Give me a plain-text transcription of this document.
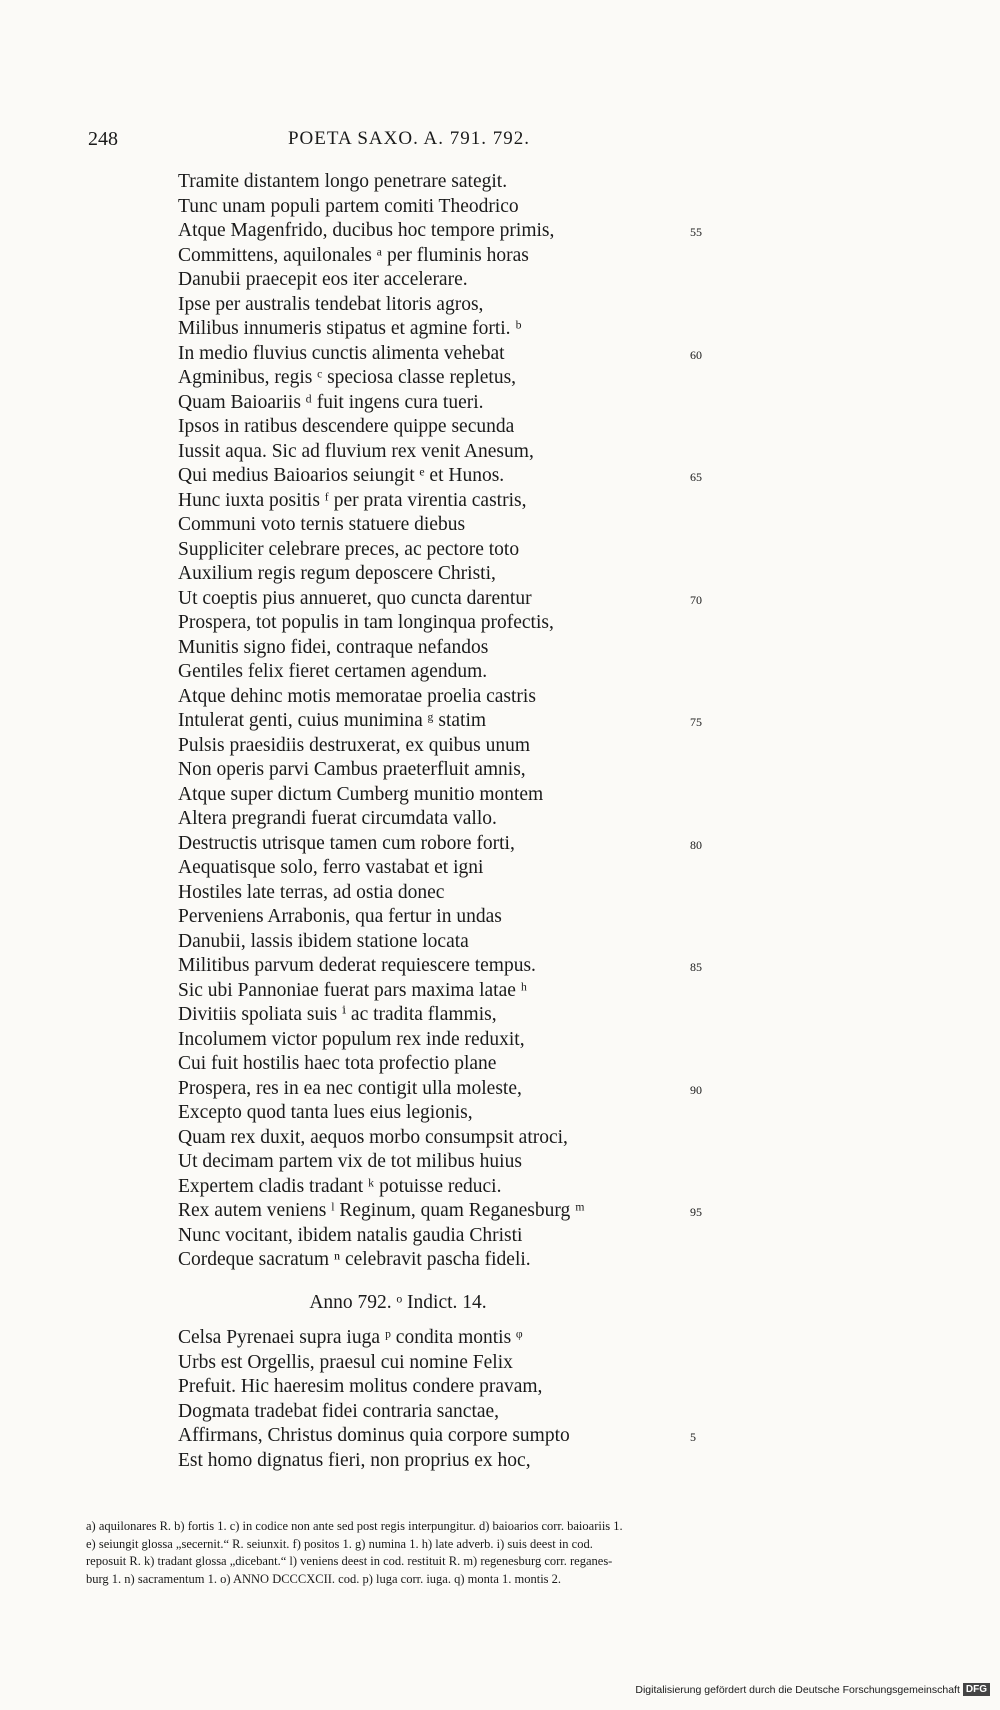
248	POETA SAXO. A. 791. 792.
Tramite distantem longo penetrare sategit.
Tunc unam populi partem comiti Theodrico
Atque Magenfrido, ducibus hoc tempore primis,	55
Committens, aquilonales ᵃ per fluminis horas
Danubii praecepit eos iter accelerare.
Ipse per australis tendebat litoris agros,
Milibus innumeris stipatus et agmine forti. ᵇ
In medio fluvius cunctis alimenta vehebat	60
Agminibus, regis ᶜ speciosa classe repletus,
Quam Baioariis ᵈ fuit ingens cura tueri.
Ipsos in ratibus descendere quippe secunda
Iussit aqua. Sic ad fluvium rex venit Anesum,
Qui medius Baioarios seiungit ᵉ et Hunos.	65
Hunc iuxta positis ᶠ per prata virentia castris,
Communi voto ternis statuere diebus
Suppliciter celebrare preces, ac pectore toto
Auxilium regis regum deposcere Christi,
Ut coeptis pius annueret, quo cuncta darentur	70
Prospera, tot populis in tam longinqua profectis,
Munitis signo fidei, contraque nefandos
Gentiles felix fieret certamen agendum.
Atque dehinc motis memoratae proelia castris
Intulerat genti, cuius munimina ᵍ statim	75
Pulsis praesidiis destruxerat, ex quibus unum
Non operis parvi Cambus praeterfluit amnis,
Atque super dictum Cumberg munitio montem
Altera pregrandi fuerat circumdata vallo.
Destructis utrisque tamen cum robore forti,	80
Aequatisque solo, ferro vastabat et igni
Hostiles late terras, ad ostia donec
Perveniens Arrabonis, qua fertur in undas
Danubii, lassis ibidem statione locata
Militibus parvum dederat requiescere tempus.	85
Sic ubi Pannoniae fuerat pars maxima latae ʰ
Divitiis spoliata suis ⁱ ac tradita flammis,
Incolumem victor populum rex inde reduxit,
Cui fuit hostilis haec tota profectio plane
Prospera, res in ea nec contigit ulla moleste,	90
Excepto quod tanta lues eius legionis,
Quam rex duxit, aequos morbo consumpsit atroci,
Ut decimam partem vix de tot milibus huius
Expertem cladis tradant ᵏ potuisse reduci.
Rex autem veniens ˡ Reginum, quam Reganesburg ᵐ	95
Nunc vocitant, ibidem natalis gaudia Christi
Cordeque sacratum ⁿ celebravit pascha fideli.
Anno 792. ᵒ Indict. 14.
Celsa Pyrenaei supra iuga ᵖ condita montis ᵠ
Urbs est Orgellis, praesul cui nomine Felix
Prefuit. Hic haeresim molitus condere pravam,
Dogmata tradebat fidei contraria sanctae,
Affirmans, Christus dominus quia corpore sumpto	5
Est homo dignatus fieri, non proprius ex hoc,
a) aquilonares R. b) fortis 1. c) in codice non ante sed post regis interpungitur. d) baioarios corr. baioariis 1.
e) seiungit glossa „secernit.“ R. seiunxit. f) positos 1. g) numina 1. h) late adverb. i) suis deest in cod.
reposuit R. k) tradant glossa „dicebant.“ l) veniens deest in cod. restituit R. m) regenesburg corr. reganes-
burg 1. n) sacramentum 1. o) ANNO DCCCXCII. cod. p) luga corr. iuga. q) monta 1. montis 2.
Digitalisierung gefördert durch die Deutsche Forschungsgemeinschaft DFG
